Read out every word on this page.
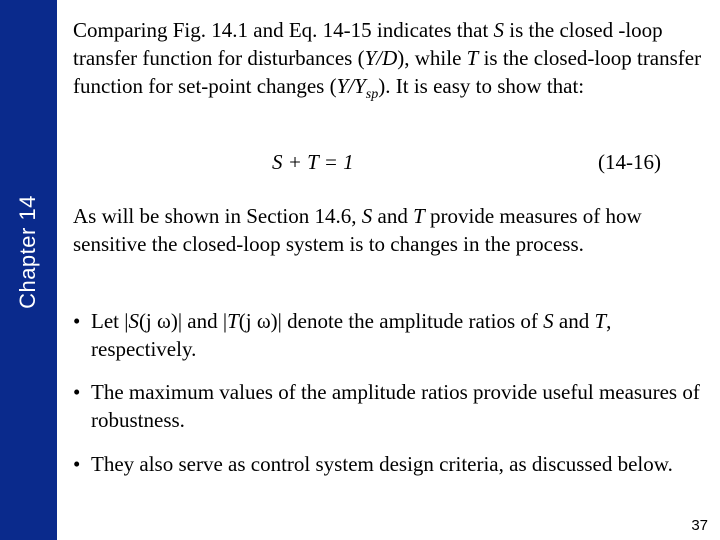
Chapter 14
Comparing Fig. 14.1 and Eq. 14-15 indicates that S is the closed -loop transfer function for disturbances (Y/D), while T is the closed-loop transfer function for set-point changes $(Y/Y_{sp})$. It is easy to show that:
S + T = 1	(14-16)
As will be shown in Section 14.6, S and T provide measures of how sensitive the closed-loop system is to changes in the process.
• Let |S(j ω)| and |T(j ω)| denote the amplitude ratios of S and T, respectively.
• The maximum values of the amplitude ratios provide useful measures of robustness.
• They also serve as control system design criteria, as discussed below.
37
